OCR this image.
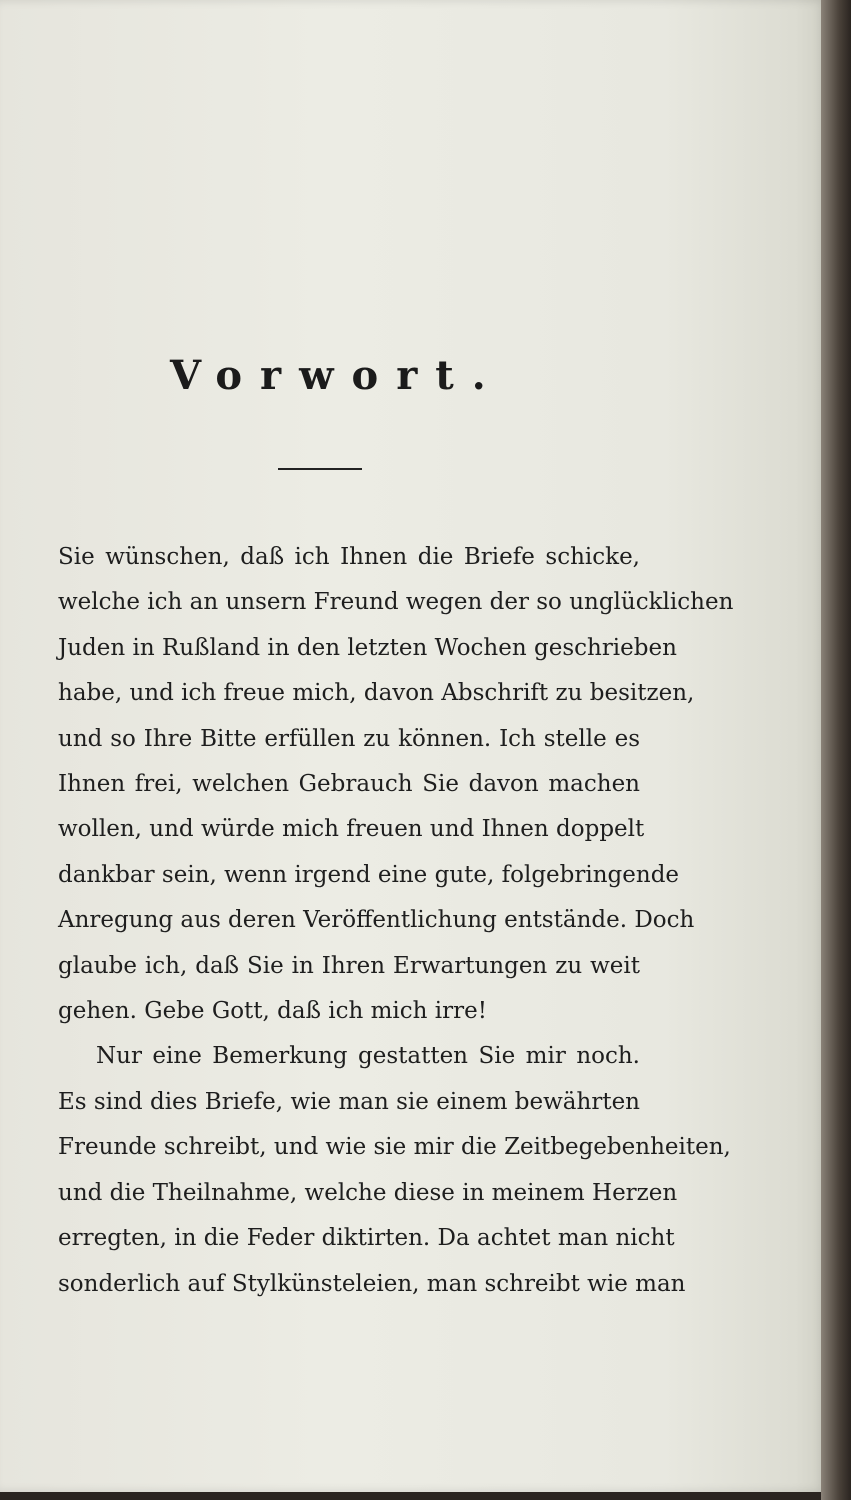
Vorwort.
Sie wünschen, daß ich Ihnen die Briefe schicke,
welche ich an unsern Freund wegen der so unglücklichen
Juden in Rußland in den letzten Wochen geschrieben
habe, und ich freue mich, davon Abschrift zu besitzen,
und so Ihre Bitte erfüllen zu können. Ich stelle es
Ihnen frei, welchen Gebrauch Sie davon machen
wollen, und würde mich freuen und Ihnen doppelt
dankbar sein, wenn irgend eine gute, folgebringende
Anregung aus deren Veröffentlichung entstände. Doch
glaube ich, daß Sie in Ihren Erwartungen zu weit
gehen. Gebe Gott, daß ich mich irre!
Nur eine Bemerkung gestatten Sie mir noch.
Es sind dies Briefe, wie man sie einem bewährten
Freunde schreibt, und wie sie mir die Zeitbegebenheiten,
und die Theilnahme, welche diese in meinem Herzen
erregten, in die Feder diktirten. Da achtet man nicht
sonderlich auf Stylkünsteleien, man schreibt wie man
